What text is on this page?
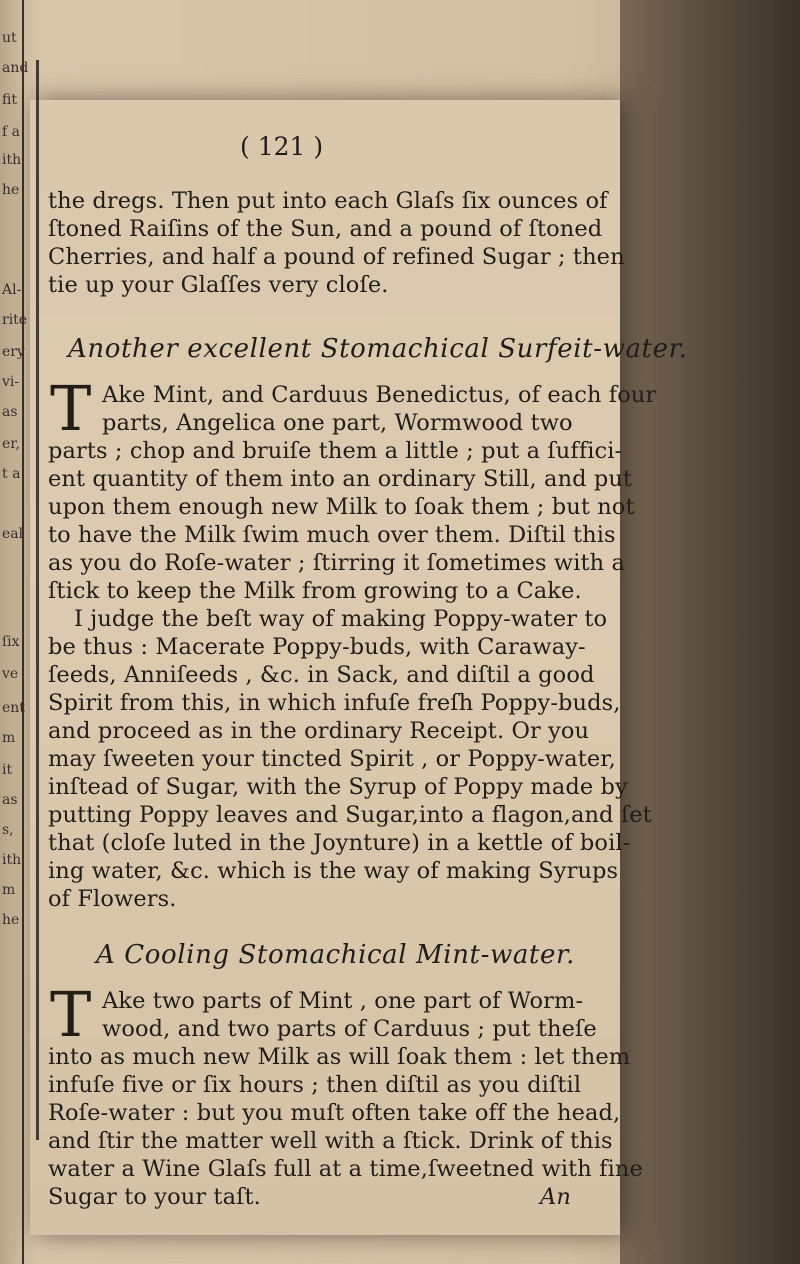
ut
and
fit
f a
ith
he
Al-
rite
ery
vi-
as
er,
t a
eal
ſix
ve
ent
m
it
as
s,
ith
m
he
( 121 )
the dregs. Then put into each Glaſs ſix ounces of
ſtoned Raiſins of the Sun, and a pound of ſtoned
Cherries, and half a pound of refined Sugar ; then
tie up your Glaſſes very cloſe.
Another excellent Stomachical Surfeit-water.
T Ake Mint, and Carduus Benedictus, of each four
parts, Angelica one part, Wormwood two
parts ; chop and bruiſe them a little ; put a ſuffici-
ent quantity of them into an ordinary Still, and put
upon them enough new Milk to ſoak them ; but not
to have the Milk ſwim much over them. Diſtil this
as you do Roſe-water ; ſtirring it ſometimes with a
ſtick to keep the Milk from growing to a Cake.
I judge the beſt way of making Poppy-water to
be thus : Macerate Poppy-buds, with Caraway-
ſeeds, Anniſeeds , &c. in Sack, and diſtil a good
Spirit from this, in which infuſe freſh Poppy-buds,
and proceed as in the ordinary Receipt. Or you
may ſweeten your tincted Spirit , or Poppy-water,
inſtead of Sugar, with the Syrup of Poppy made by
putting Poppy leaves and Sugar,into a flagon,and ſet
that (cloſe luted in the Joynture) in a kettle of boil-
ing water, &c. which is the way of making Syrups
of Flowers.
A Cooling Stomachical Mint-water.
T Ake two parts of Mint , one part of Worm-
wood, and two parts of Carduus ; put theſe
into as much new Milk as will ſoak them : let them
infuſe five or ſix hours ; then diſtil as you diſtil
Roſe-water : but you muſt often take off the head,
and ſtir the matter well with a ſtick. Drink of this
water a Wine Glaſs full at a time,ſweetned with fine
Sugar to your taſt.	An
